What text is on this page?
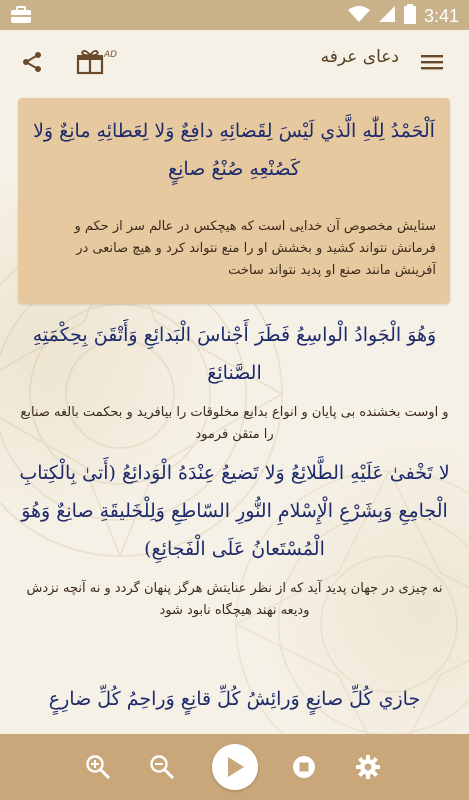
3:41
AD	دعای عرفه
اَلْحَمْدُ لِلّٰهِ الَّذي لَيْسَ لِقَضائِهِ دافِعٌ وَلا لِعَطائِهِ مانِعٌ وَلا كَصُنْعِهِ صُنْعُ صانِعٍ
ستایش مخصوص آن خدایی است که هیچکس در عالم سر از حکم و فرمانش نتواند کشید و بخشش او را منع نتواند کرد و هیچ صانعی در آفرینش مانند صنع او پدید نتواند ساخت
وَهُوَ الْجَوادُ الْواسِعُ فَطَرَ أَجْناسَ الْبَدائِعِ وَأَتْقَنَ بِحِكْمَتِهِ الصَّنائِعَ
و اوست بخشنده بی پایان و انواع بدایع مخلوقات را بیافرید و بحکمت بالغه صنایع را متقن فرمود
لا تَخْفىٰ عَلَيْهِ الطَّلائِعُ وَلا تَضيعُ عِنْدَهُ الْوَدائِعُ (أَتىٰ بِالْكِتابِ الْجامِعِ وَبِشَرْعِ الْإِسْلامِ النُّورِ السّاطِعِ وَلِلْخَليقَةِ صانِعٌ وَهُوَ الْمُسْتَعانُ عَلَى الْفَجائِعِ)
نه چیزی در جهان پدید آید که از نظر عنایتش هرگز پنهان گردد و نه آنچه نزدش ودیعه نهند هیچگاه نابود شود
جازي كُلِّ صانِعٍ وَرائِشُ كُلِّ قانِعٍ وَراحِمُ كُلِّ ضارِعٍ
